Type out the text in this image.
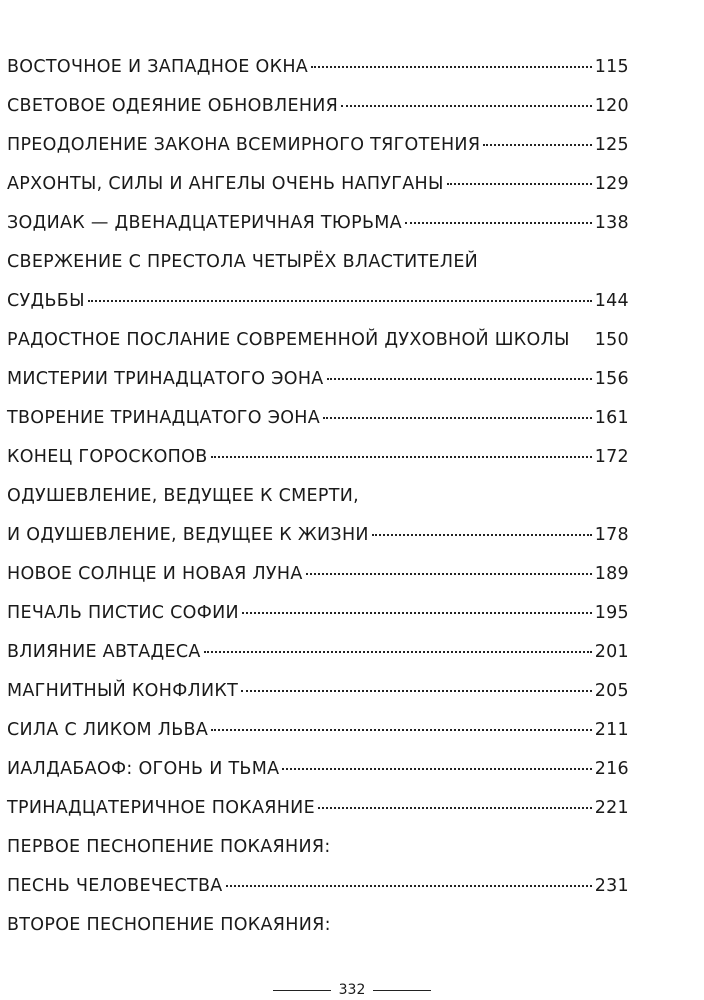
ВОСТОЧНОЕ И ЗАПАДНОЕ ОКНА	115
СВЕТОВОЕ ОДЕЯНИЕ ОБНОВЛЕНИЯ	120
ПРЕОДОЛЕНИЕ ЗАКОНА ВСЕМИРНОГО ТЯГОТЕНИЯ	125
АРХОНТЫ, СИЛЫ И АНГЕЛЫ ОЧЕНЬ НАПУГАНЫ	129
ЗОДИАК — ДВЕНАДЦАТЕРИЧНАЯ ТЮРЬМА	138
СВЕРЖЕНИЕ С ПРЕСТОЛА ЧЕТЫРЁХ ВЛАСТИТЕЛЕЙ
СУДЬБЫ	144
РАДОСТНОЕ ПОСЛАНИЕ СОВРЕМЕННОЙ ДУХОВНОЙ ШКОЛЫ 150
МИСТЕРИИ ТРИНАДЦАТОГО ЭОНА	156
ТВОРЕНИЕ ТРИНАДЦАТОГО ЭОНА	161
КОНЕЦ ГОРОСКОПОВ	172
ОДУШЕВЛЕНИЕ, ВЕДУЩЕЕ К СМЕРТИ,
И ОДУШЕВЛЕНИЕ, ВЕДУЩЕЕ К ЖИЗНИ	178
НОВОЕ СОЛНЦЕ И НОВАЯ ЛУНА	189
ПЕЧАЛЬ ПИСТИС СОФИИ	195
ВЛИЯНИЕ АВТАДЕСА	201
МАГНИТНЫЙ КОНФЛИКТ	205
СИЛА С ЛИКОМ ЛЬВА	211
ИАЛДАБАОФ: ОГОНЬ И ТЬМА	216
ТРИНАДЦАТЕРИЧНОЕ ПОКАЯНИЕ	221
ПЕРВОЕ ПЕСНОПЕНИЕ ПОКАЯНИЯ:
ПЕСНЬ ЧЕЛОВЕЧЕСТВА	231
ВТОРОЕ ПЕСНОПЕНИЕ ПОКАЯНИЯ:
332
